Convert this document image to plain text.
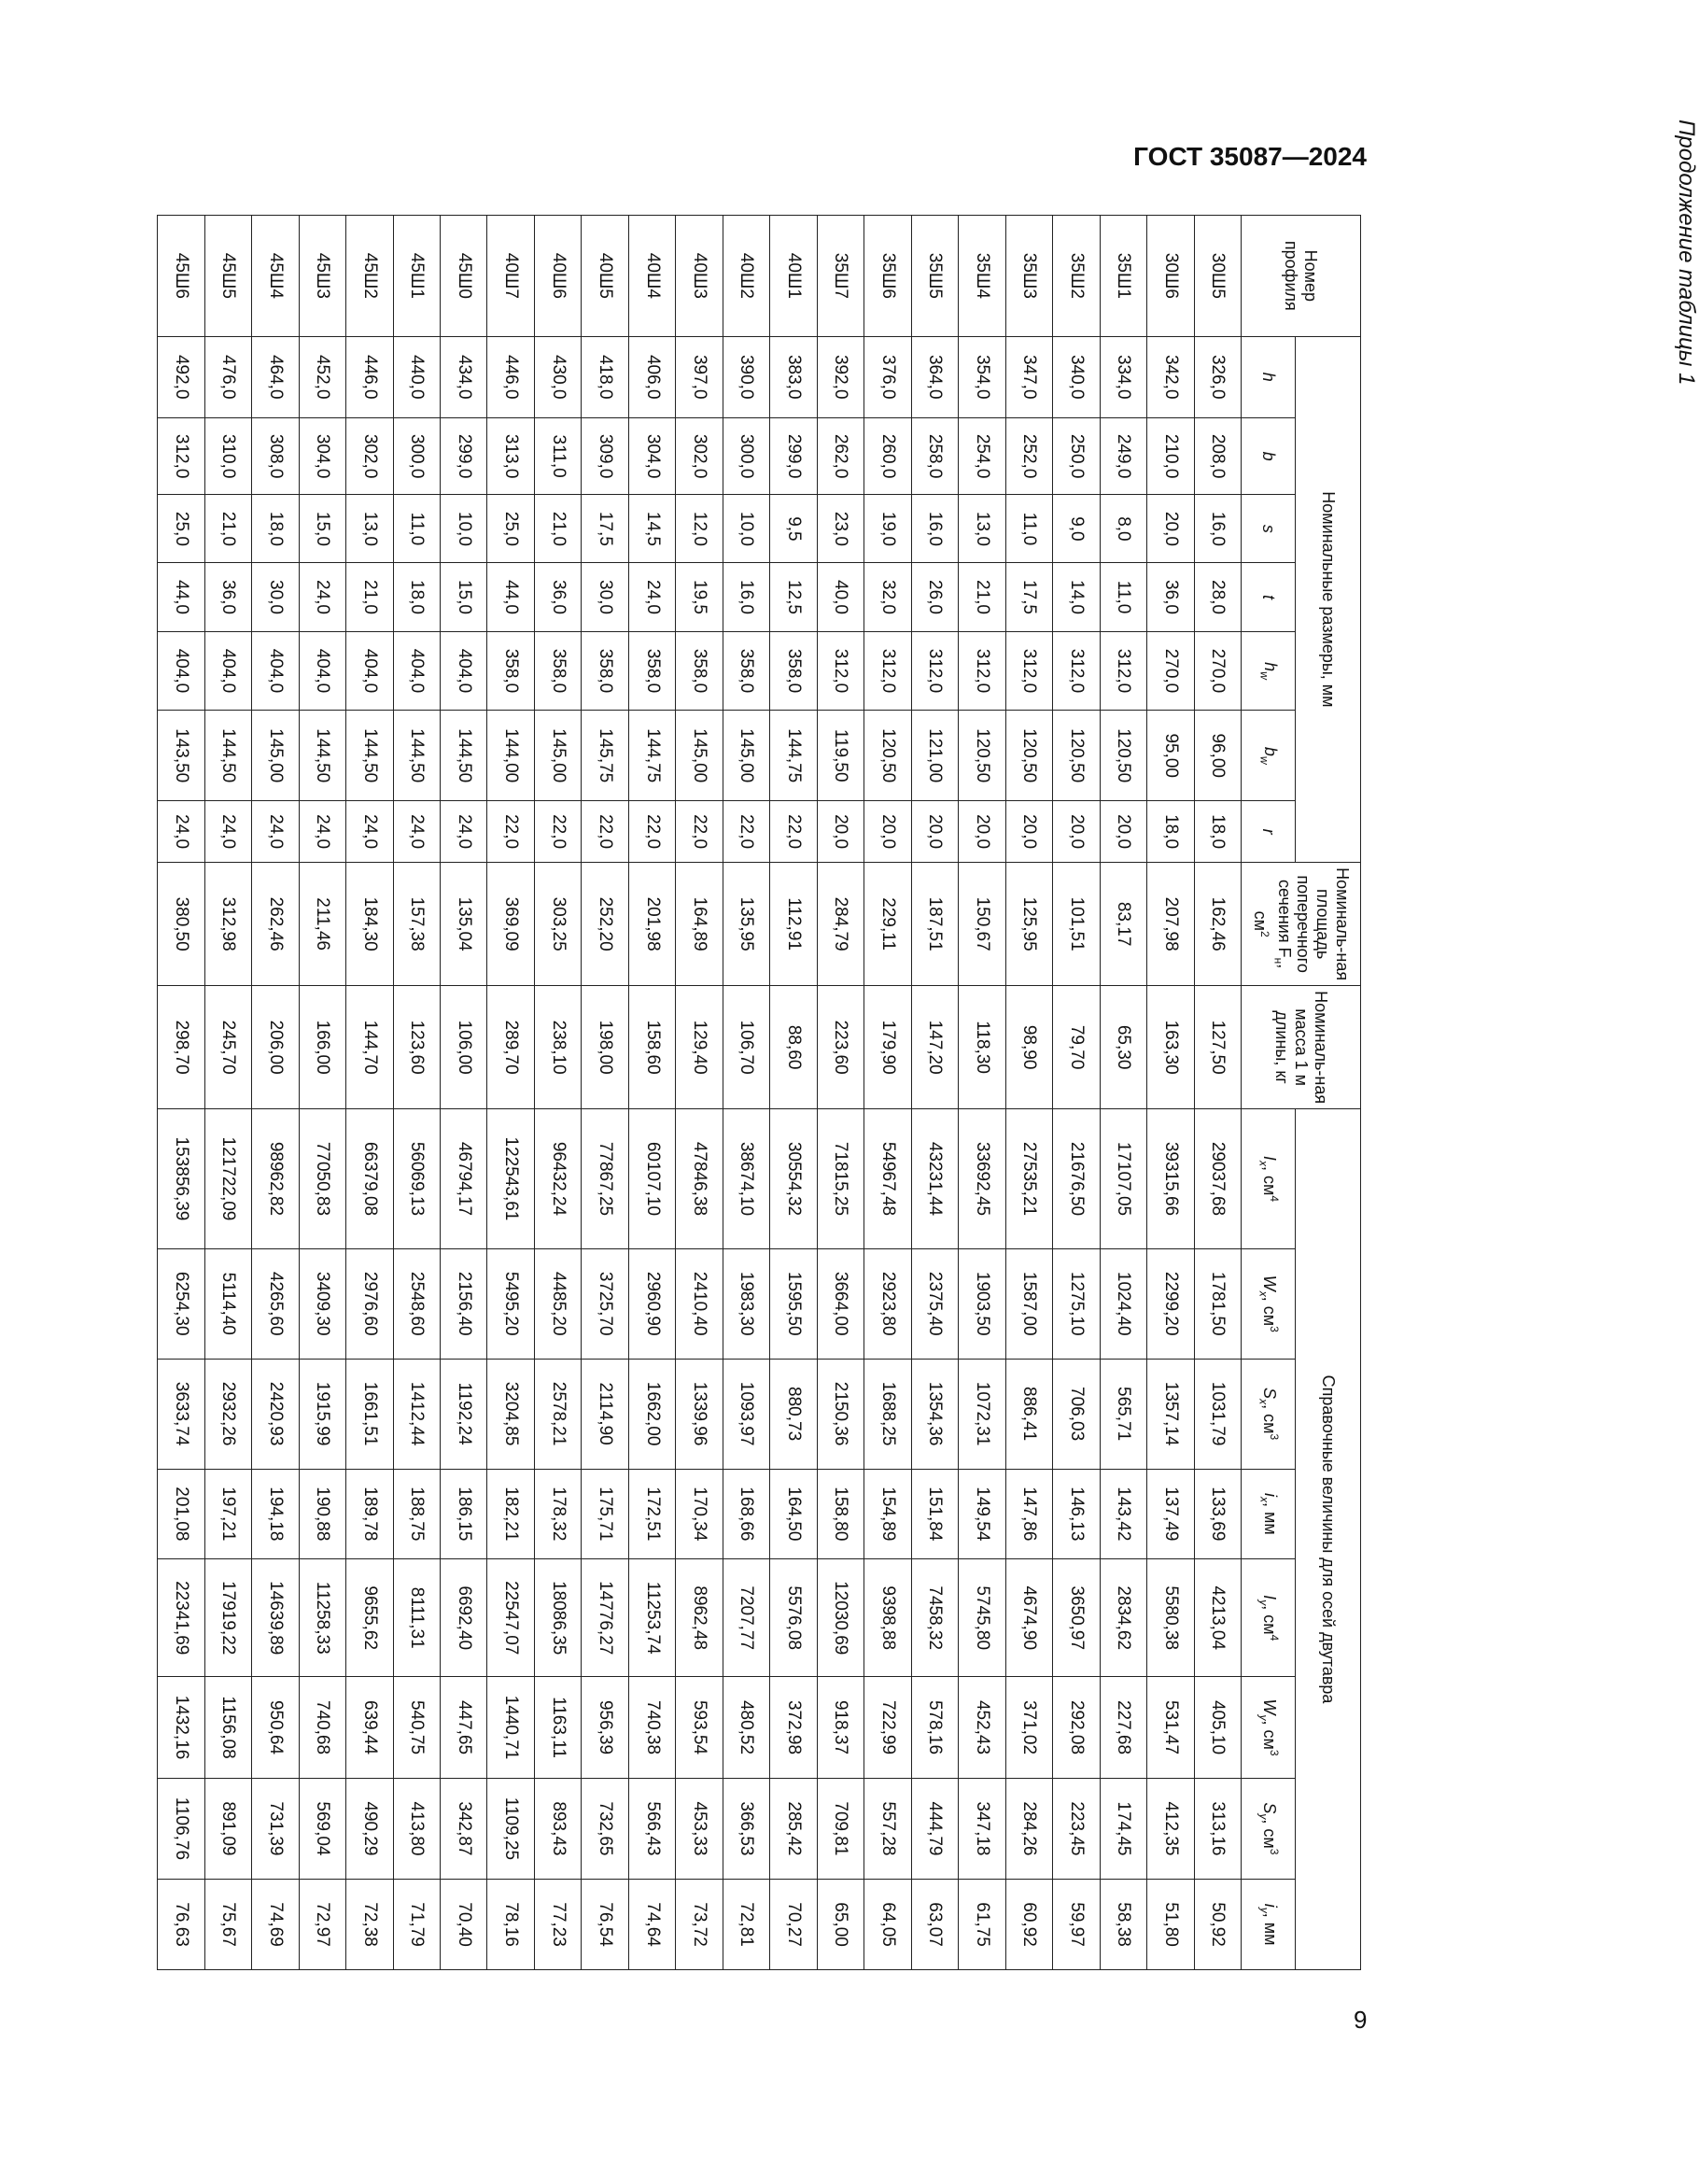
ГОСТ 35087—2024	Продолжение таблицы 1
Номер профиля	Номинальные размеры, мм							Номиналь-ная площадь поперечного сечения $F_н$, $см^2$	Номиналь-ная масса 1 м длины, кг	Справочные величины для осей двутавра							
	h	b	s	t	$h_w$	$b_w$	r			$I_x$, $см^4$	$W_x$, $см^3$	$S_x$, $см^3$	$i_x$, мм	$I_y$, $см^4$	$W_y$, $см^3$	$S_y$, $см^3$	$i_y$, мм
30Ш5	326,0	208,0	16,0	28,0	270,0	96,00	18,0	162,46	127,50	29037,68	1781,50	1031,79	133,69	4213,04	405,10	313,16	50,92
30Ш6	342,0	210,0	20,0	36,0	270,0	95,00	18,0	207,98	163,30	39315,66	2299,20	1357,14	137,49	5580,38	531,47	412,35	51,80
35Ш1	334,0	249,0	8,0	11,0	312,0	120,50	20,0	83,17	65,30	17107,05	1024,40	565,71	143,42	2834,62	227,68	174,45	58,38
35Ш2	340,0	250,0	9,0	14,0	312,0	120,50	20,0	101,51	79,70	21676,50	1275,10	706,03	146,13	3650,97	292,08	223,45	59,97
35Ш3	347,0	252,0	11,0	17,5	312,0	120,50	20,0	125,95	98,90	27535,21	1587,00	886,41	147,86	4674,90	371,02	284,26	60,92
35Ш4	354,0	254,0	13,0	21,0	312,0	120,50	20,0	150,67	118,30	33692,45	1903,50	1072,31	149,54	5745,80	452,43	347,18	61,75
35Ш5	364,0	258,0	16,0	26,0	312,0	121,00	20,0	187,51	147,20	43231,44	2375,40	1354,36	151,84	7458,32	578,16	444,79	63,07
35Ш6	376,0	260,0	19,0	32,0	312,0	120,50	20,0	229,11	179,90	54967,48	2923,80	1688,25	154,89	9398,88	722,99	557,28	64,05
35Ш7	392,0	262,0	23,0	40,0	312,0	119,50	20,0	284,79	223,60	71815,25	3664,00	2150,36	158,80	12030,69	918,37	709,81	65,00
40Ш1	383,0	299,0	9,5	12,5	358,0	144,75	22,0	112,91	88,60	30554,32	1595,50	880,73	164,50	5576,08	372,98	285,42	70,27
40Ш2	390,0	300,0	10,0	16,0	358,0	145,00	22,0	135,95	106,70	38674,10	1983,30	1093,97	168,66	7207,77	480,52	366,53	72,81
40Ш3	397,0	302,0	12,0	19,5	358,0	145,00	22,0	164,89	129,40	47846,38	2410,40	1339,96	170,34	8962,48	593,54	453,33	73,72
40Ш4	406,0	304,0	14,5	24,0	358,0	144,75	22,0	201,98	158,60	60107,10	2960,90	1662,00	172,51	11253,74	740,38	566,43	74,64
40Ш5	418,0	309,0	17,5	30,0	358,0	145,75	22,0	252,20	198,00	77867,25	3725,70	2114,90	175,71	14776,27	956,39	732,65	76,54
40Ш6	430,0	311,0	21,0	36,0	358,0	145,00	22,0	303,25	238,10	96432,24	4485,20	2578,21	178,32	18086,35	1163,11	893,43	77,23
40Ш7	446,0	313,0	25,0	44,0	358,0	144,00	22,0	369,09	289,70	122543,61	5495,20	3204,85	182,21	22547,07	1440,71	1109,25	78,16
45Ш0	434,0	299,0	10,0	15,0	404,0	144,50	24,0	135,04	106,00	46794,17	2156,40	1192,24	186,15	6692,40	447,65	342,87	70,40
45Ш1	440,0	300,0	11,0	18,0	404,0	144,50	24,0	157,38	123,60	56069,13	2548,60	1412,44	188,75	8111,31	540,75	413,80	71,79
45Ш2	446,0	302,0	13,0	21,0	404,0	144,50	24,0	184,30	144,70	66379,08	2976,60	1661,51	189,78	9655,62	639,44	490,29	72,38
45Ш3	452,0	304,0	15,0	24,0	404,0	144,50	24,0	211,46	166,00	77050,83	3409,30	1915,99	190,88	11258,33	740,68	569,04	72,97
45Ш4	464,0	308,0	18,0	30,0	404,0	145,00	24,0	262,46	206,00	98962,82	4265,60	2420,93	194,18	14639,89	950,64	731,39	74,69
45Ш5	476,0	310,0	21,0	36,0	404,0	144,50	24,0	312,98	245,70	121722,09	5114,40	2932,26	197,21	17919,22	1156,08	891,09	75,67
45Ш6	492,0	312,0	25,0	44,0	404,0	143,50	24,0	380,50	298,70	153856,39	6254,30	3633,74	201,08	22341,69	1432,16	1106,76	76,63
9
